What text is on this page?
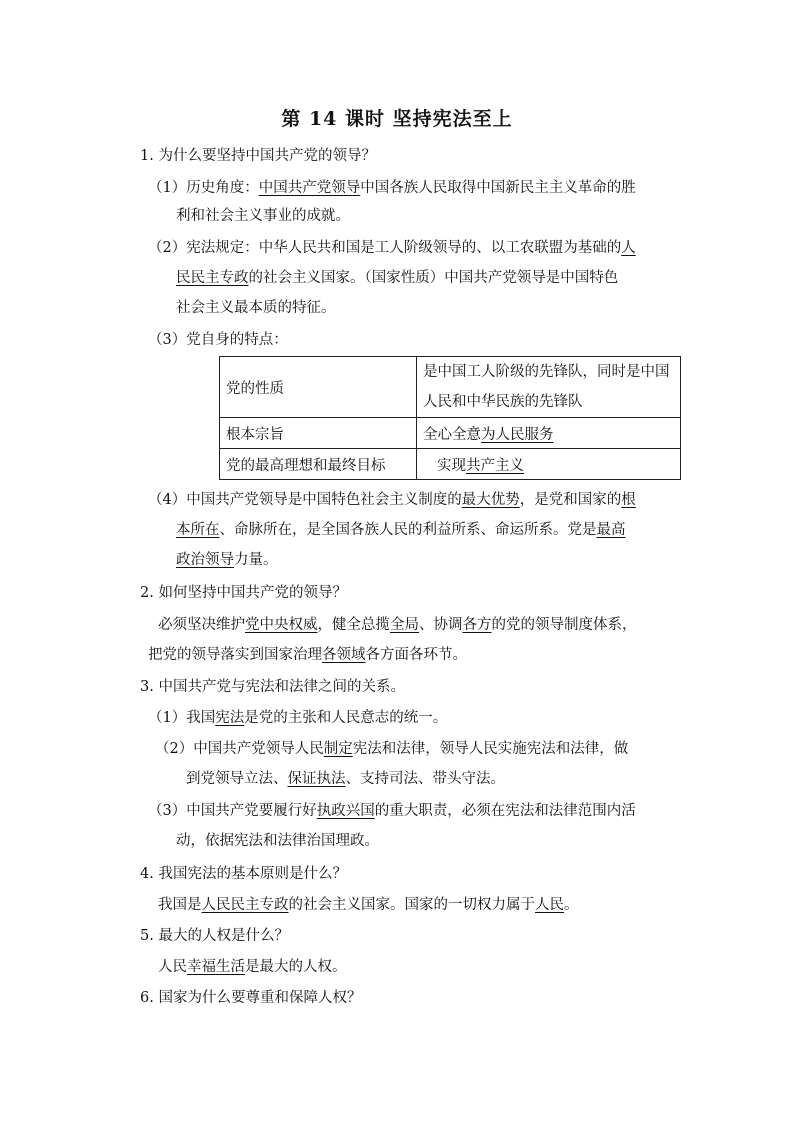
第 14 课时 坚持宪法至上
1. 为什么要坚持中国共产党的领导？
（1）历史角度：中国共产党领导中国各族人民取得中国新民主主义革命的胜
利和社会主义事业的成就。
（2）宪法规定：中华人民共和国是工人阶级领导的、以工农联盟为基础的人
民民主专政的社会主义国家。（国家性质）中国共产党领导是中国特色
社会主义最本质的特征。
（3）党自身的特点：
党的性质	是中国工人阶级的先锋队，同时是中国人民和中华民族的先锋队

根本宗旨	全心全意为人民服务
党的最高理想和最终目标	实现共产主义
（4）中国共产党领导是中国特色社会主义制度的最大优势，是党和国家的根
本所在、命脉所在，是全国各族人民的利益所系、命运所系。党是最高
政治领导力量。
2. 如何坚持中国共产党的领导？
必须坚决维护党中央权威，健全总揽全局、协调各方的党的领导制度体系，
把党的领导落实到国家治理各领域各方面各环节。
3. 中国共产党与宪法和法律之间的关系。
（1）我国宪法是党的主张和人民意志的统一。
（2）中国共产党领导人民制定宪法和法律，领导人民实施宪法和法律，做
到党领导立法、保证执法、支持司法、带头守法。
（3）中国共产党要履行好执政兴国的重大职责，必须在宪法和法律范围内活
动，依据宪法和法律治国理政。
4. 我国宪法的基本原则是什么？
我国是人民民主专政的社会主义国家。国家的一切权力属于人民。
5. 最大的人权是什么？
人民幸福生活是最大的人权。
6. 国家为什么要尊重和保障人权？
